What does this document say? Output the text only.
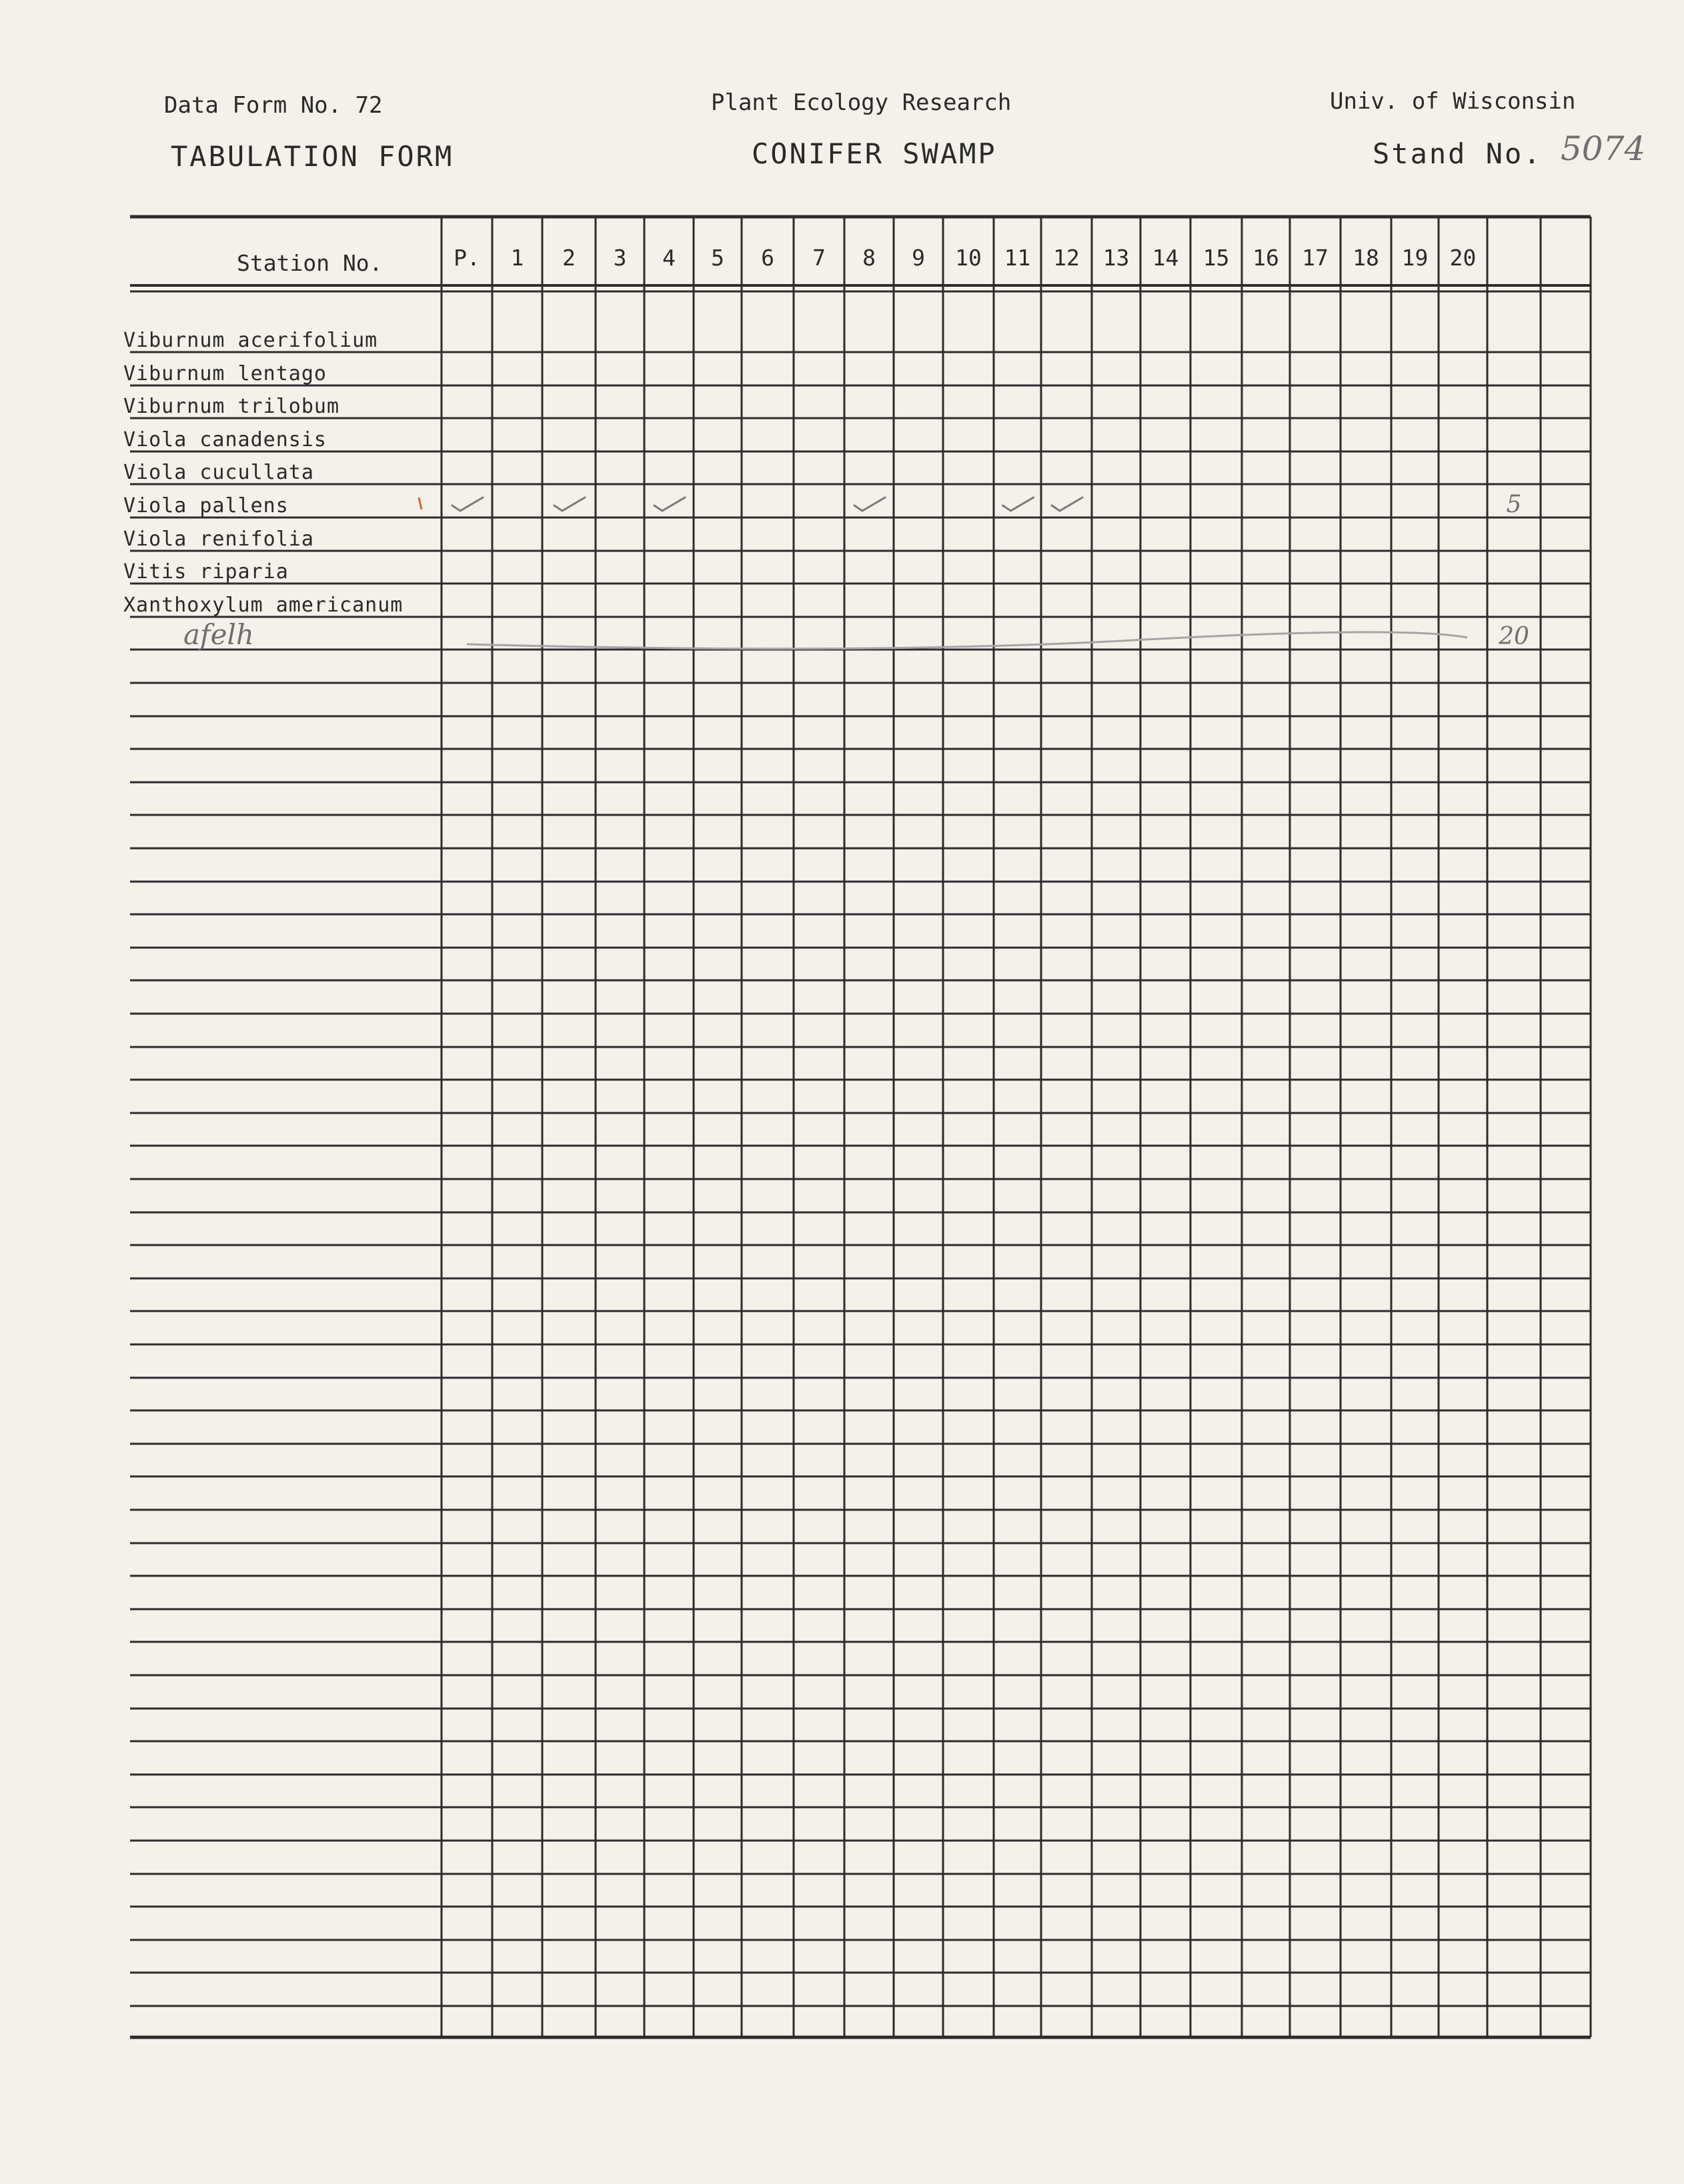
Data Form No. 72
TABULATION FORM
Plant Ecology Research
CONIFER SWAMP
Univ. of Wisconsin
Stand No. 5074
Station No.	P. 1 2 3 4 5 6 7 8 9 10 11 12 13 14 15 16 17 18 19 20
Viburnum acerifolium
Viburnum lentago
Viburnum trilobum
Viola canadensis
Viola cucullata
Viola pallens	5
Viola renifolia
Vitis riparia
Xanthoxylum americanum
afelh	20
